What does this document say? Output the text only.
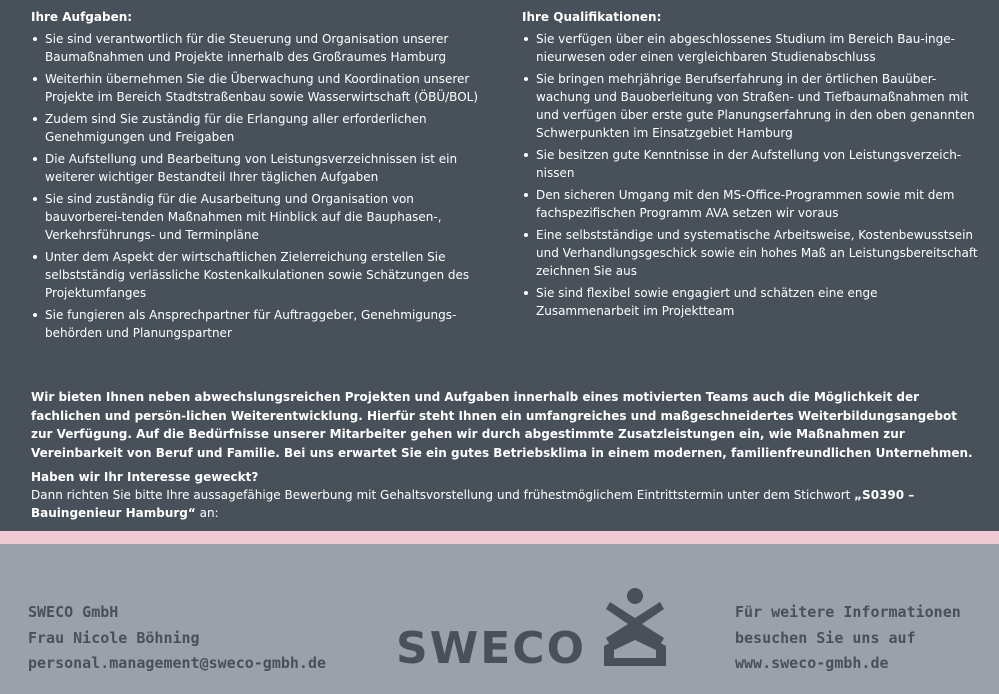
Ihre Aufgaben:
Sie sind verantwortlich für die Steuerung und Organisation unserer Baumaßnahmen und Projekte innerhalb des Großraumes Hamburg
Weiterhin übernehmen Sie die Überwachung und Koordination unserer Projekte im Bereich Stadtstraßenbau sowie Wasserwirtschaft (ÖBÜ/BOL)
Zudem sind Sie zuständig für die Erlangung aller erforderlichen Genehmigungen und Freigaben
Die Aufstellung und Bearbeitung von Leistungsverzeichnissen ist ein weiterer wichtiger Bestandteil Ihrer täglichen Aufgaben
Sie sind zuständig für die Ausarbeitung und Organisation von bauvorberei-tenden Maßnahmen mit Hinblick auf die Bauphasen-, Verkehrsführungs- und Terminpläne
Unter dem Aspekt der wirtschaftlichen Zielerreichung erstellen Sie selbstständig verlässliche Kostenkalkulationen sowie Schätzungen des Projektumfanges
Sie fungieren als Ansprechpartner für Auftraggeber, Genehmigungs-behörden und Planungspartner
Ihre Qualifikationen:
Sie verfügen über ein abgeschlossenes Studium im Bereich Bau-inge-nieurwesen oder einen vergleichbaren Studienabschluss
Sie bringen mehrjährige Berufserfahrung in der örtlichen Bauüber-wachung und Bauoberleitung von Straßen- und Tiefbaumaßnahmen mit und verfügen über erste gute Planungserfahrung in den oben genannten Schwerpunkten im Einsatzgebiet Hamburg
Sie besitzen gute Kenntnisse in der Aufstellung von Leistungsverzeich-nissen
Den sicheren Umgang mit den MS-Office-Programmen sowie mit dem fachspezifischen Programm AVA setzen wir voraus
Eine selbstständige und systematische Arbeitsweise, Kostenbewusstsein und Verhandlungsgeschick sowie ein hohes Maß an Leistungsbereitschaft zeichnen Sie aus
Sie sind flexibel sowie engagiert und schätzen eine enge Zusammenarbeit im Projektteam
Wir bieten Ihnen neben abwechslungsreichen Projekten und Aufgaben innerhalb eines motivierten Teams auch die Möglichkeit der fachlichen und persön-lichen Weiterentwicklung. Hierfür steht Ihnen ein umfangreiches und maßgeschneidertes Weiterbildungsangebot zur Verfügung. Auf die Bedürfnisse unserer Mitarbeiter gehen wir durch abgestimmte Zusatzleistungen ein, wie Maßnahmen zur Vereinbarkeit von Beruf und Familie. Bei uns erwartet Sie ein gutes Betriebsklima in einem modernen, familienfreundlichen Unternehmen.
Haben wir Ihr Interesse geweckt?
Dann richten Sie bitte Ihre aussagefähige Bewerbung mit Gehaltsvorstellung und frühestmöglichem Eintrittstermin unter dem Stichwort „S0390 – Bauingenieur Hamburg“ an:
SWECO GmbH
Frau Nicole Böhning
personal.management@sweco-gmbh.de SWECO
Für weitere Informationen
besuchen Sie uns auf
www.sweco-gmbh.de
